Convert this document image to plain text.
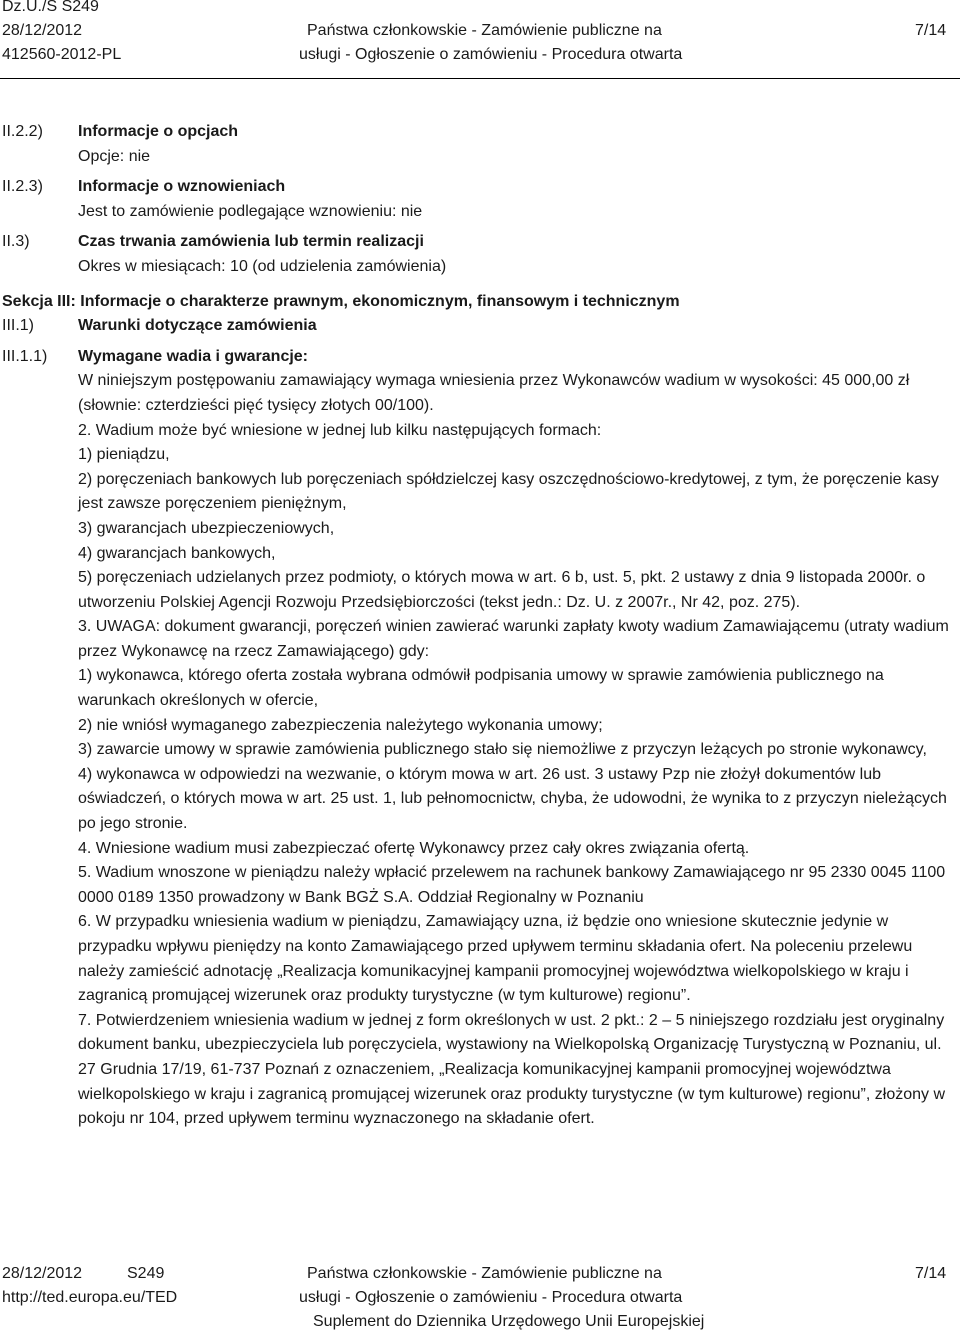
Dz.U./S S249
28/12/2012
412560-2012-PL
Państwa członkowskie - Zamówienie publiczne na
usługi - Ogłoszenie o zamówieniu - Procedura otwarta
7/14
II.2.2) Informacje o opcjach
Opcje: nie
II.2.3) Informacje o wznowieniach
Jest to zamówienie podlegające wznowieniu: nie
II.3)	Czas trwania zamówienia lub termin realizacji
Okres w miesiącach: 10 (od udzielenia zamówienia)
Sekcja III: Informacje o charakterze prawnym, ekonomicznym, finansowym i technicznym
III.1)	Warunki dotyczące zamówienia
III.1.1) Wymagane wadia i gwarancje:

W niniejszym postępowaniu zamawiający wymaga wniesienia przez Wykonawców wadium w wysokości: 45 000,00 zł (słownie: czterdzieści pięć tysięcy złotych 00/100).

2. Wadium może być wniesione w jednej lub kilku następujących formach:

1) pieniądzu,

2) poręczeniach bankowych lub poręczeniach spółdzielczej kasy oszczędnościowo-kredytowej, z tym, że poręczenie kasy jest zawsze poręczeniem pieniężnym,

3) gwarancjach ubezpieczeniowych,

4) gwarancjach bankowych,

5) poręczeniach udzielanych przez podmioty, o których mowa w art. 6 b, ust. 5, pkt. 2 ustawy z dnia 9 listopada 2000r. o utworzeniu Polskiej Agencji Rozwoju Przedsiębiorczości (tekst jedn.: Dz. U. z 2007r., Nr 42, poz. 275).

3. UWAGA: dokument gwarancji, poręczeń winien zawierać warunki zapłaty kwoty wadium Zamawiającemu (utraty wadium przez Wykonawcę na rzecz Zamawiającego) gdy:

1) wykonawca, którego oferta została wybrana odmówił podpisania umowy w sprawie zamówienia publicznego na warunkach określonych w ofercie,

2) nie wniósł wymaganego zabezpieczenia należytego wykonania umowy;

3) zawarcie umowy w sprawie zamówienia publicznego stało się niemożliwe z przyczyn leżących po stronie wykonawcy,

4) wykonawca w odpowiedzi na wezwanie, o którym mowa w art. 26 ust. 3 ustawy Pzp nie złożył dokumentów lub oświadczeń, o których mowa w art. 25 ust. 1, lub pełnomocnictw, chyba, że udowodni, że wynika to z przyczyn nieleżących po jego stronie.

4. Wniesione wadium musi zabezpieczać ofertę Wykonawcy przez cały okres związania ofertą.

5. Wadium wnoszone w pieniądzu należy wpłacić przelewem na rachunek bankowy Zamawiającego nr 95 2330 0045 1100 0000 0189 1350 prowadzony w Bank BGŻ S.A. Oddział Regionalny w Poznaniu

6. W przypadku wniesienia wadium w pieniądzu, Zamawiający uzna, iż będzie ono wniesione skutecznie jedynie w przypadku wpływu pieniędzy na konto Zamawiającego przed upływem terminu składania ofert. Na poleceniu przelewu należy zamieścić adnotację „Realizacja komunikacyjnej kampanii promocyjnej województwa wielkopolskiego w kraju i zagranicą promującej wizerunek oraz produkty turystyczne (w tym kulturowe) regionu”.

7. Potwierdzeniem wniesienia wadium w jednej z form określonych w ust. 2 pkt.: 2 – 5 niniejszego rozdziału jest oryginalny dokument banku, ubezpieczyciela lub poręczyciela, wystawiony na Wielkopolską Organizację Turystyczną w Poznaniu, ul. 27 Grudnia 17/19, 61-737 Poznań z oznaczeniem, „Realizacja komunikacyjnej kampanii promocyjnej województwa wielkopolskiego w kraju i zagranicą promującej wizerunek oraz produkty turystyczne (w tym kulturowe) regionu”, złożony w pokoju nr 104, przed upływem terminu wyznaczonego na składanie ofert.

28/12/2012	S249
http://ted.europa.eu/TED
Państwa członkowskie - Zamówienie publiczne na
usługi - Ogłoszenie o zamówieniu - Procedura otwarta
Suplement do Dziennika Urzędowego Unii Europejskiej
7/14
